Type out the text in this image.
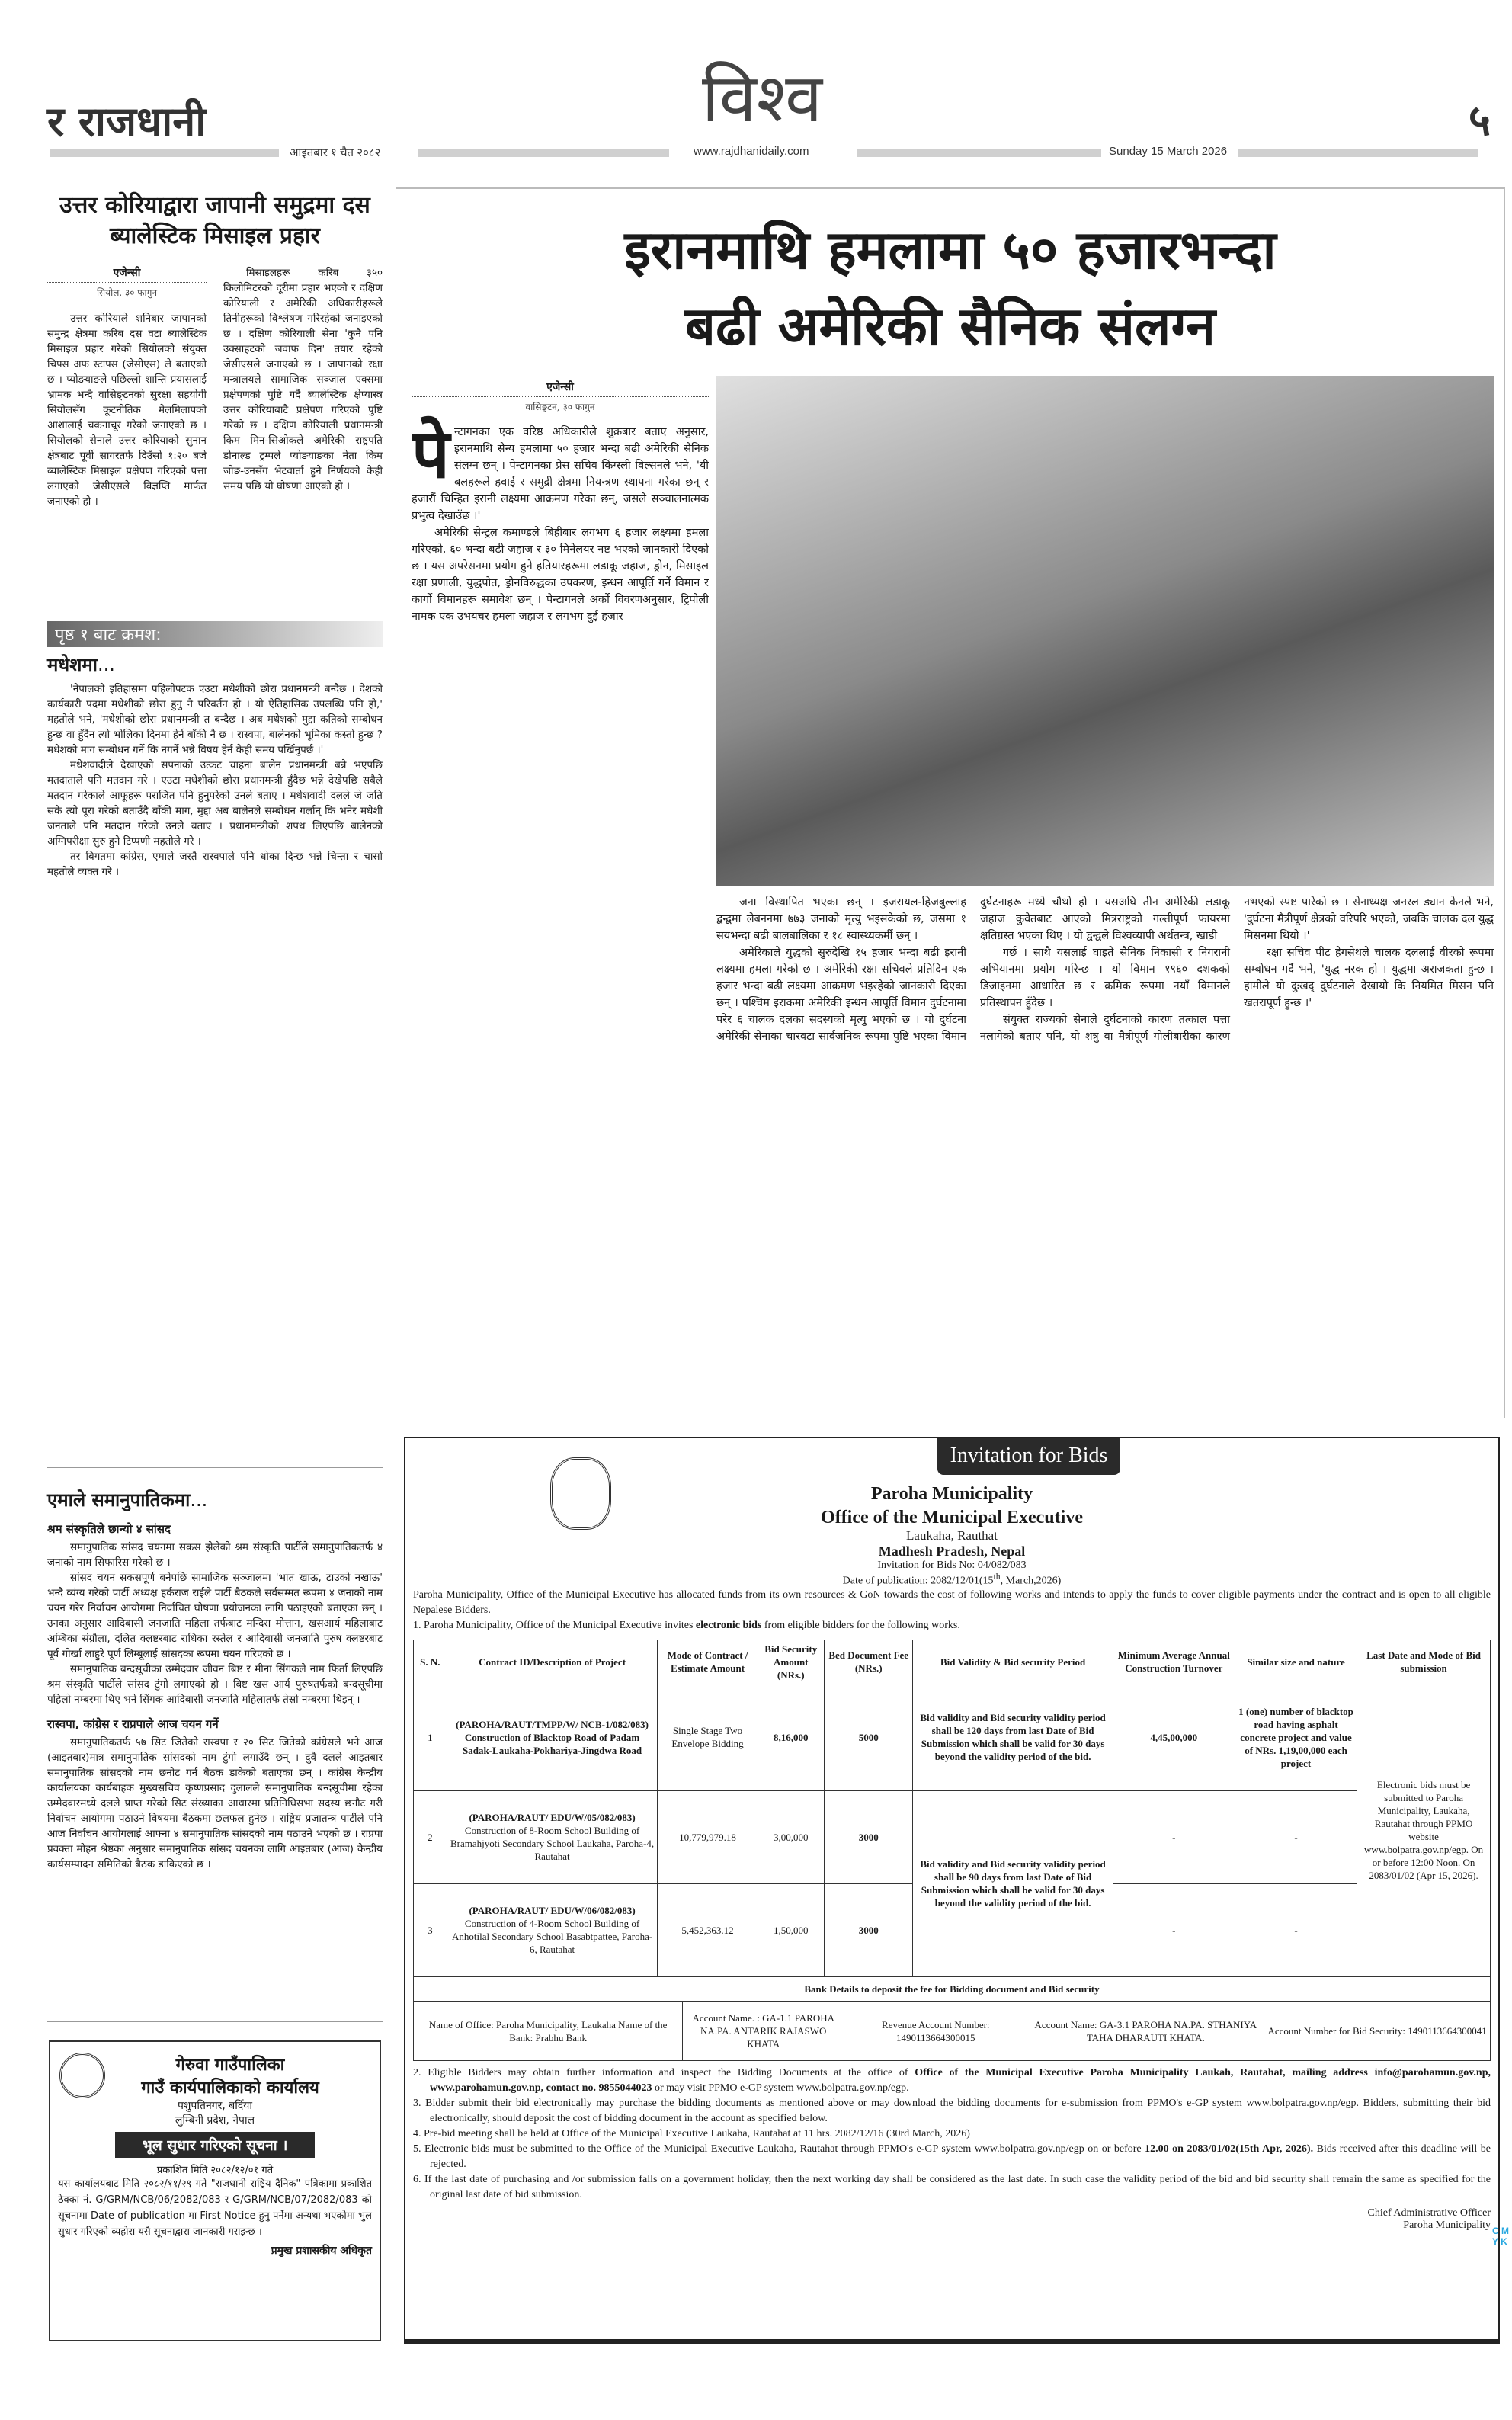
र राजधानी
आइतबार १ चैत २०८२
विश्व
www.rajdhanidaily.com	Sunday 15 March 2026
५
उत्तर कोरियाद्वारा जापानी समुद्रमा दस ब्यालेस्टिक मिसाइल प्रहार
एजेन्सी
सियोल, ३० फागुन

उत्तर कोरियाले शनिबार जापानको समुन्द्र क्षेत्रमा करिब दस वटा ब्यालेस्टिक मिसाइल प्रहार गरेको सियोलको संयुक्त चिफ्स अफ स्टाफ्स (जेसीएस) ले बताएको छ । प्योङयाङले पछिल्लो शान्ति प्रयासलाई भ्रामक भन्दै वासिङ्टनको सुरक्षा सहयोगी सियोलसँग कूटनीतिक मेलमिलापको आशालाई चकनाचूर गरेको जनाएको छ । सियोलको सेनाले उत्तर कोरियाको सुनान क्षेत्रबाट पूर्वी सागरतर्फ दिउँसो १:२० बजे ब्यालेस्टिक मिसाइल प्रक्षेपण गरिएको पत्ता लगाएको जेसीएसले विज्ञप्ति मार्फत जनाएको हो ।

मिसाइलहरू करिब ३५० किलोमिटरको दूरीमा प्रहार भएको र दक्षिण कोरियाली र अमेरिकी अधिकारीहरूले तिनीहरूको विश्लेषण गरिरहेको जनाइएको छ । दक्षिण कोरियाली सेना 'कुनै पनि उक्साहटको जवाफ दिन' तयार रहेको जेसीएसले जनाएको छ । जापानको रक्षा मन्त्रालयले सामाजिक सञ्जाल एक्समा प्रक्षेपणको पुष्टि गर्दै ब्यालेस्टिक क्षेप्यास्त्र उत्तर कोरियाबाटै प्रक्षेपण गरिएको पुष्टि गरेको छ । दक्षिण कोरियाली प्रधानमन्त्री किम मिन-सिओकले अमेरिकी राष्ट्रपति डोनाल्ड ट्रम्पले प्योङयाङका नेता किम जोङ-उनसँग भेटवार्ता हुने निर्णयको केही समय पछि यो घोषणा आएको हो ।

पृष्ठ १ बाट क्रमश:
मधेशमा...

'नेपालको इतिहासमा पहिलोपटक एउटा मधेशीको छोरा प्रधानमन्त्री बन्दैछ । देशको कार्यकारी पदमा मधेशीको छोरा हुनु नै परिवर्तन हो । यो ऐतिहासिक उपलब्धि पनि हो,' महतोले भने, 'मधेशीको छोरा प्रधानमन्त्री त बन्दैछ । अब मधेशको मुद्दा कतिको सम्बोधन हुन्छ वा हुँदैन त्यो भोलिका दिनमा हेर्न बाँकी नै छ । रास्वपा, बालेनको भूमिका कस्तो हुन्छ ? मधेशको माग सम्बोधन गर्ने कि नगर्ने भन्ने विषय हेर्न केही समय पर्खिनुपर्छ ।'

मधेशवादीले देखाएको सपनाको उत्कट चाहना बालेन प्रधानमन्त्री बन्ने भएपछि मतदाताले पनि मतदान गरे । एउटा मधेशीको छोरा प्रधानमन्त्री हुँदैछ भन्ने देखेपछि सबैले मतदान गरेकाले आफूहरू पराजित पनि हुनुपरेको उनले बताए । मधेशवादी दलले जे जति सके त्यो पूरा गरेको बताउँदै बाँकी माग, मुद्दा अब बालेनले सम्बोधन गर्लान् कि भनेर मधेशी जनताले पनि मतदान गरेको उनले बताए । प्रधानमन्त्रीको शपथ लिएपछि बालेनको अग्निपरीक्षा सुरु हुने टिप्पणी महतोले गरे ।

तर बिगतमा कांग्रेस, एमाले जस्तै रास्वपाले पनि धोका दिन्छ भन्ने चिन्ता र चासो महतोले व्यक्त गरे ।

एमाले समानुपातिकमा...
श्रम संस्कृतिले छान्यो ४ सांसद

समानुपातिक सांसद चयनमा सकस झेलेको श्रम संस्कृति पार्टीले समानुपातिकतर्फ ४ जनाको नाम सिफारिस गरेको छ ।

सांसद चयन सकसपूर्ण बनेपछि सामाजिक सञ्जालमा 'भात खाऊ, टाउको नखाऊ' भन्दै व्यंग्य गरेको पार्टी अध्यक्ष हर्कराज राईले पार्टी बैठकले सर्वसम्मत रूपमा ४ जनाको नाम चयन गरेर निर्वाचन आयोगमा निर्वाचित घोषणा प्रयोजनका लागि पठाइएको बताएका छन् । उनका अनुसार आदिबासी जनजाति महिला तर्फबाट मन्दिरा मोत्तान, खसआर्य महिलाबाट अम्बिका संग्रौला, दलित क्लष्टरबाट राधिका रस्तेल र आदिबासी जनजाति पुरुष क्लष्टरबाट पूर्व गोर्खा लाहुरे पूर्ण लिम्बूलाई सांसदका रूपमा चयन गरिएको छ ।

समानुपातिक बन्दसूचीका उम्मेदवार जीवन बिष्ट र मीना सिंगकले नाम फिर्ता लिएपछि श्रम संस्कृति पार्टीले सांसद टुंगो लगाएको हो । बिष्ट खस आर्य पुरुषतर्फको बन्दसूचीमा पहिलो नम्बरमा थिए भने सिंगक आदिबासी जनजाति महिलातर्फ तेस्रो नम्बरमा थिइन् ।

रास्वपा, कांग्रेस र राप्रपाले आज चयन गर्ने

समानुपातिकतर्फ ५७ सिट जितेको रास्वपा र २० सिट जितेको कांग्रेसले भने आज (आइतबार)मात्र समानुपातिक सांसदको नाम टुंगो लगाउँदै छन् । दुवै दलले आइतबार समानुपातिक सांसदको नाम छनोट गर्न बैठक डाकेको बताएका छन् । कांग्रेस केन्द्रीय कार्यालयका कार्यबाहक मुख्यसचिव कृष्णप्रसाद दुलालले समानुपातिक बन्दसूचीमा रहेका उम्मेदवारमध्ये दलले प्राप्त गरेको सिट संख्याका आधारमा प्रतिनिधिसभा सदस्य छनौट गरी निर्वाचन आयोगमा पठाउने विषयमा बैठकमा छलफल हुनेछ । राष्ट्रिय प्रजातन्त्र पार्टीले पनि आज निर्वाचन आयोगलाई आफ्ना ४ समानुपातिक सांसदको नाम पठाउने भएको छ । राप्रपा प्रवक्ता मोहन श्रेष्ठका अनुसार समानुपातिक सांसद चयनका लागि आइतबार (आज) केन्द्रीय कार्यसम्पादन समितिको बैठक डाकिएको छ ।

गेरुवा गाउँपालिका
गाउँ कार्यपालिकाको कार्यालय
पशुपतिनगर, बर्दिया
लुम्बिनी प्रदेश, नेपाल
भूल सुधार गरिएको सूचना ।
प्रकाशित मिति २०८२/१२/०१ गते
यस कार्यालयबाट मिति २०८२/११/२९ गते "राजधानी राष्ट्रिय दैनिक" पत्रिकामा प्रकाशित ठेक्का नं. G/GRM/NCB/06/2082/083 र G/GRM/NCB/07/2082/083 को सूचनामा Date of publication मा First Notice हुनु पर्नेमा अन्यथा भएकोमा भुल सुधार गरिएको व्यहोरा यसै सूचनाद्वारा जानकारी गराइन्छ ।
प्रमुख प्रशासकीय अधिकृत
इरानमाथि हमलामा ५० हजारभन्दा
बढी अमेरिकी सैनिक संलग्न
एजेन्सी
वासिङ्टन, ३० फागुन
पे न्टागनका एक वरिष्ठ अधिकारीले शुक्रबार बताए अनुसार, इरानमाथि सैन्य हमलामा ५० हजार भन्दा बढी अमेरिकी सैनिक संलग्न छन् । पेन्टागनका प्रेस सचिव किंग्स्ली विल्सनले भने, 'यी बलहरूले हवाई र समुद्री क्षेत्रमा नियन्त्रण स्थापना गरेका छन् र हजारौं चिन्हित इरानी लक्ष्यमा आक्रमण गरेका छन्, जसले सञ्चालनात्मक प्रभुत्व देखाउँछ ।'

अमेरिकी सेन्ट्रल कमाण्डले बिहीबार लगभग ६ हजार लक्ष्यमा हमला गरिएको, ६० भन्दा बढी जहाज र ३० मिनेलयर नष्ट भएको जानकारी दिएको छ । यस अपरेसनमा प्रयोग हुने हतियारहरूमा लडाकू जहाज, ड्रोन, मिसाइल रक्षा प्रणाली, युद्धपोत, ड्रोनविरुद्धका उपकरण, इन्धन आपूर्ति गर्ने विमान र कार्गो विमानहरू समावेश छन् । पेन्टागनले अर्को विवरणअनुसार, ट्रिपोली नामक एक उभयचर हमला जहाज र लगभग दुई हजार

जना विस्थापित भएका छन् । इजरायल-हिजबुल्लाह द्वन्द्वमा लेबननमा ७७३ जनाको मृत्यु भइसकेको छ, जसमा १ सयभन्दा बढी बालबालिका र १८ स्वास्थ्यकर्मी छन् ।

अमेरिकाले युद्धको सुरुदेखि १५ हजार भन्दा बढी इरानी लक्ष्यमा हमला गरेको छ । अमेरिकी रक्षा सचिवले प्रतिदिन एक हजार भन्दा बढी लक्ष्यमा आक्रमण भइरहेको जानकारी दिएका छन् । पश्चिम इराकमा अमेरिकी इन्धन आपूर्ति विमान दुर्घटनामा परेर ६ चालक दलका सदस्यको मृत्यु भएको छ । यो दुर्घटना अमेरिकी सेनाका चारवटा सार्वजनिक रूपमा पुष्टि भएका विमान दुर्घटनाहरू मध्ये चौथो हो । यसअघि तीन अमेरिकी लडाकू जहाज कुवेतबाट आएको मित्रराष्ट्रको गल्तीपूर्ण फायरमा क्षतिग्रस्त भएका थिए । यो द्वन्द्वले विश्वव्यापी अर्थतन्त्र, खाडी

गर्छ । साथै यसलाई घाइते सैनिक निकासी र निगरानी अभियानमा प्रयोग गरिन्छ । यो विमान १९६० दशकको डिजाइनमा आधारित छ र क्रमिक रूपमा नयाँ विमानले प्रतिस्थापन हुँदैछ ।

संयुक्त राज्यको सेनाले दुर्घटनाको कारण तत्काल पत्ता नलागेको बताए पनि, यो शत्रु वा मैत्रीपूर्ण गोलीबारीका कारण नभएको स्पष्ट पारेको छ । सेनाध्यक्ष जनरल ड्यान केनले भने, 'दुर्घटना मैत्रीपूर्ण क्षेत्रको वरिपरि भएको, जबकि चालक दल युद्ध मिसनमा थियो ।'

रक्षा सचिव पीट हेगसेथले चालक दललाई वीरको रूपमा सम्बोधन गर्दै भने, 'युद्ध नरक हो । युद्धमा अराजकता हुन्छ । हामीले यो दुःखद् दुर्घटनाले देखायो कि नियमित मिसन पनि खतरापूर्ण हुन्छ ।'

Invitation for Bids
Paroha Municipality
Office of the Municipal Executive
Laukaha, Rauthat
Madhesh Pradesh, Nepal
Invitation for Bids No: 04/082/083
Date of publication: 2082/12/01(15th, March,2026)
Paroha Municipality, Office of the Municipal Executive has allocated funds from its own resources & GoN towards the cost of following works and intends to apply the funds to cover eligible payments under the contract and is open to all eligible Nepalese Bidders.
1. Paroha Municipality, Office of the Municipal Executive invites electronic bids from eligible bidders for the following works.
S. N.	Contract ID/Description of Project	Mode of Contract / Estimate Amount	Bid Security Amount (NRs.)	Bed Document Fee (NRs.)	Bid Validity & Bid security Period	Minimum Average Annual Construction Turnover	Similar size and nature	Last Date and Mode of Bid submission
1	(PAROHA/RAUT/TMPP/W/ NCB-1/082/083)
Construction of Blacktop Road of Padam Sadak-Laukaha-Pokhariya-Jingdwa Road	Single Stage Two Envelope Bidding	8,16,000	5000	Bid validity and Bid security validity period shall be 120 days from last Date of Bid Submission which shall be valid for 30 days beyond the validity period of the bid.	4,45,00,000	1 (one) number of blacktop road having asphalt concrete project and value of NRs. 1,19,00,000 each project	Electronic bids must be submitted to Paroha Municipality, Laukaha, Rautahat through PPMO website www.bolpatra.gov.np/egp. On or before 12:00 Noon. On 2083/01/02 (Apr 15, 2026).
2	(PAROHA/RAUT/ EDU/W/05/082/083)
Construction of 8-Room School Building of Bramahjyoti Secondary School Laukaha, Paroha-4, Rautahat	10,779,979.18	3,00,000	3000	Bid validity and Bid security validity period shall be 90 days from last Date of Bid Submission which shall be valid for 30 days beyond the validity period of the bid.	-	-	
3	(PAROHA/RAUT/ EDU/W/06/082/083)
Construction of 4-Room School Building of Anhotilal Secondary School Basabtpattee, Paroha-6, Rautahat	5,452,363.12	1,50,000	3000		-	-	
Bank Details to deposit the fee for Bidding document and Bid security
Name of Office: Paroha Municipality, Laukaha Name of the Bank: Prabhu Bank	Account Name. : GA-1.1 PAROHA NA.PA. ANTARIK RAJASWO KHATA	Revenue Account Number: 1490113664300015	Account Name: GA-3.1 PAROHA NA.PA. STHANIYA TAHA DHARAUTI KHATA.	Account Number for Bid Security: 1490113664300041
2. Eligible Bidders may obtain further information and inspect the Bidding Documents at the office of Office of the Municipal Executive Paroha Municipality Laukah, Rautahat, mailing address info@parohamun.gov.np, www.parohamun.gov.np, contact no. 9855044023 or may visit PPMO e-GP system www.bolpatra.gov.np/egp.
3. Bidder submit their bid electronically may purchase the bidding documents as mentioned above or may download the bidding documents for e-submission from PPMO's e-GP system www.bolpatra.gov.np/egp. Bidders, submitting their bid electronically, should deposit the cost of bidding document in the account as specified below.
4. Pre-bid meeting shall be held at Office of the Municipal Executive Laukaha, Rautahat at 11 hrs. 2082/12/16 (30rd March, 2026)
5. Electronic bids must be submitted to the Office of the Municipal Executive Laukaha, Rautahat through PPMO's e-GP system www.bolpatra.gov.np/egp on or before 12.00 on 2083/01/02(15th Apr, 2026). Bids received after this deadline will be rejected.
6. If the last date of purchasing and /or submission falls on a government holiday, then the next working day shall be considered as the last date. In such case the validity period of the bid and bid security shall remain the same as specified for the original last date of bid submission.
Chief Administrative Officer
Paroha Municipality C M Y K
